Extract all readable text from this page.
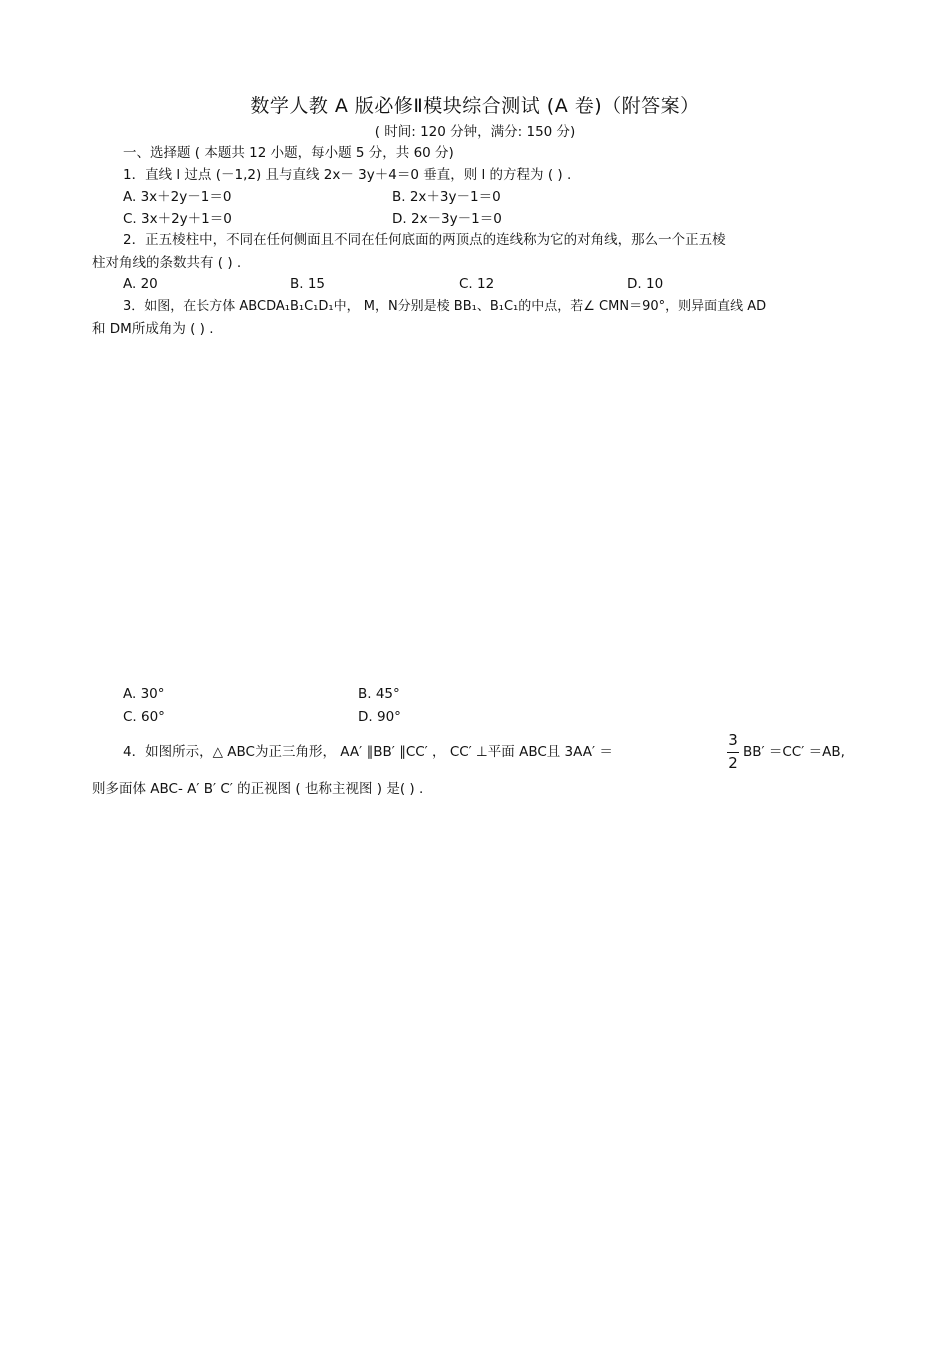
数学人教 A 版必修Ⅱ模块综合测试 (A 卷)（附答案）
( 时间: 120 分钟，满分: 150 分)
一、选择题 ( 本题共 12 小题，每小题 5 分，共 60 分)
1．直线 l 过点 (－1,2) 且与直线 2x－ 3y＋4＝0 垂直，则 l 的方程为 ( ) .
A. 3x＋2y－1＝0	B. 2x＋3y－1＝0
C. 3x＋2y＋1＝0	D. 2x－3y－1＝0
2．正五棱柱中，不同在任何侧面且不同在任何底面的两顶点的连线称为它的对角线，那么一个正五棱
柱对角线的条数共有 ( ) .
A. 20	B. 15	C. 12	D. 10
3．如图，在长方体 ABCDA₁B₁C₁D₁中， M，N分别是棱 BB₁、B₁C₁的中点，若∠ CMN＝90°，则异面直线 AD
和 DM所成角为 ( ) .
A. 30°	B. 45°
C. 60°	D. 90°
4．如图所示，△ ABC为正三角形， AA′ ∥BB′ ∥CC′ ， CC′ ⊥平面 ABC且 3AA′ ＝
3
2
BB′ ＝CC′ ＝AB,
则多面体 ABC- A′ B′ C′ 的正视图 ( 也称主视图 ) 是( ) .
